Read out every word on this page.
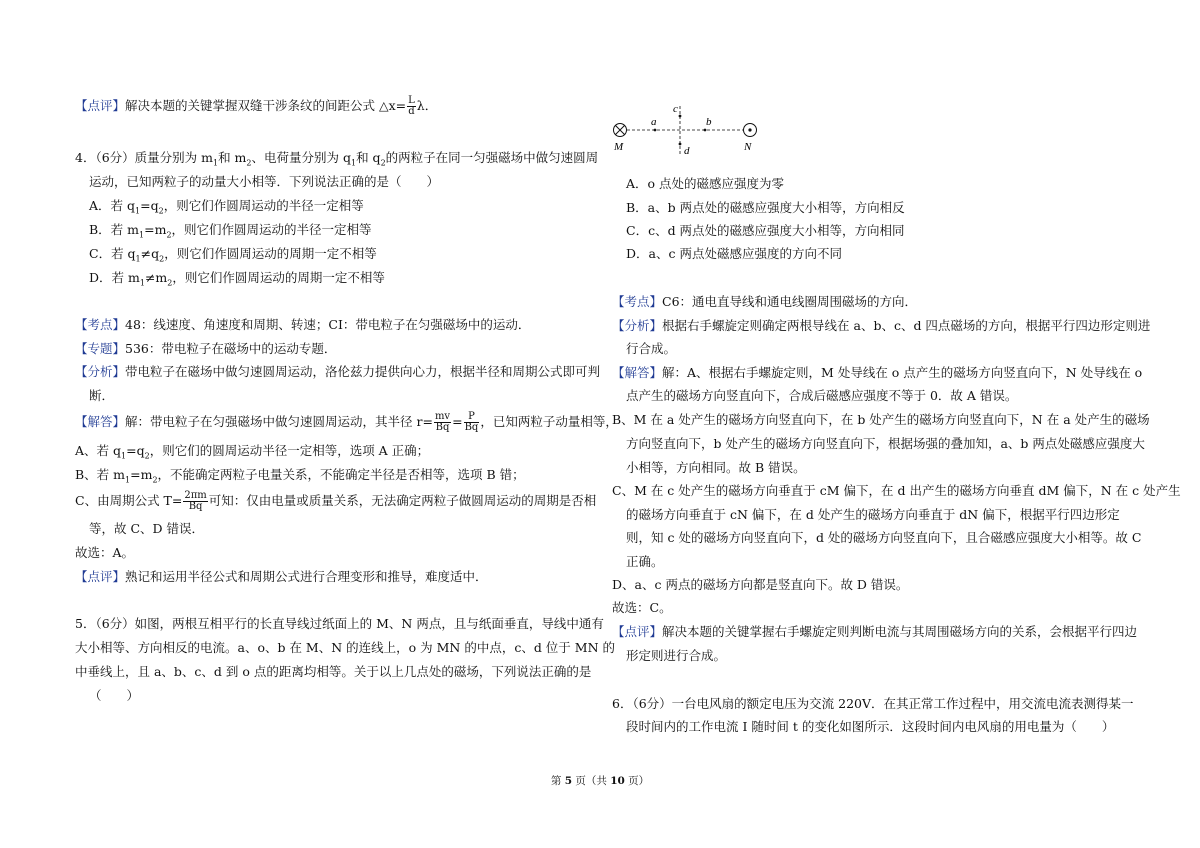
【点评】解决本题的关键掌握双缝干涉条纹的间距公式 △x= $\frac{L}{d}$ λ．
4．（6分）质量分别为 $m_1$和 $m_2$、电荷量分别为 $q_1$和 $q_2$的两粒子在同一匀强磁场中做匀速圆周
运动，已知两粒子的动量大小相等．下列说法正确的是（　　）
A．若 $q_1=q_2$，则它们作圆周运动的半径一定相等
B．若 $m_1=m_2$，则它们作圆周运动的半径一定相等
C．若 $q_1\ne q_2$，则它们作圆周运动的周期一定不相等
D．若 $m_1\ne m_2$，则它们作圆周运动的周期一定不相等
【考点】48：线速度、角速度和周期、转速；CI：带电粒子在匀强磁场中的运动．
【专题】536：带电粒子在磁场中的运动专题．
【分析】带电粒子在磁场中做匀速圆周运动，洛伦兹力提供向心力，根据半径和周期公式即可判
断．
【解答】解：带电粒子在匀强磁场中做匀速圆周运动，其半径 $r= \frac{mv}{Bq} = \frac{P}{Bq}$ ，已知两粒子动量相等，
A、若 $q_1=q_2$，则它们的圆周运动半径一定相等，选项 A 正确；
B、若 $m_1=m_2$，不能确定两粒子电量关系，不能确定半径是否相等，选项 B 错；
C、由周期公式 $T= \frac{2\pi m}{Bq}$ 可知：仅由电量或质量关系，无法确定两粒子做圆周运动的周期是否相
等，故 C、D 错误．
故选：A。
【点评】熟记和运用半径公式和周期公式进行合理变形和推导，难度适中．
5．（6分）如图，两根互相平行的长直导线过纸面上的 M、N 两点，且与纸面垂直，导线中通有
大小相等、方向相反的电流。a、o、b 在 M、N 的连线上，o 为 MN 的中点，c、d 位于 MN 的
中垂线上，且 a、b、c、d 到 o 点的距离均相等。关于以上几点处的磁场，下列说法正确的是
（　　）
M	N
a	b
c
d
A．o 点处的磁感应强度为零
B．a、b 两点处的磁感应强度大小相等，方向相反
C．c、d 两点处的磁感应强度大小相等，方向相同
D．a、c 两点处磁感应强度的方向不同
【考点】C6：通电直导线和通电线圈周围磁场的方向．
【分析】根据右手螺旋定则确定两根导线在 a、b、c、d 四点磁场的方向，根据平行四边形定则进
行合成。
【解答】解：A、根据右手螺旋定则，M 处导线在 o 点产生的磁场方向竖直向下，N 处导线在 o
点产生的磁场方向竖直向下，合成后磁感应强度不等于 0．故 A 错误。
B、M 在 a 处产生的磁场方向竖直向下，在 b 处产生的磁场方向竖直向下，N 在 a 处产生的磁场
方向竖直向下，b 处产生的磁场方向竖直向下，根据场强的叠加知，a、b 两点处磁感应强度大
小相等，方向相同。故 B 错误。
C、M 在 c 处产生的磁场方向垂直于 cM 偏下，在 d 出产生的磁场方向垂直 dM 偏下，N 在 c 处产生
的磁场方向垂直于 cN 偏下，在 d 处产生的磁场方向垂直于 dN 偏下，根据平行四边形定
则，知 c 处的磁场方向竖直向下，d 处的磁场方向竖直向下，且合磁感应强度大小相等。故 C
正确。
D、a、c 两点的磁场方向都是竖直向下。故 D 错误。
故选：C。
【点评】解决本题的关键掌握右手螺旋定则判断电流与其周围磁场方向的关系，会根据平行四边
形定则进行合成。
6．（6分）一台电风扇的额定电压为交流 220V．在其正常工作过程中，用交流电流表测得某一
段时间内的工作电流 I 随时间 t 的变化如图所示．这段时间内电风扇的用电量为（　　）
第 5 页（共 10 页）
